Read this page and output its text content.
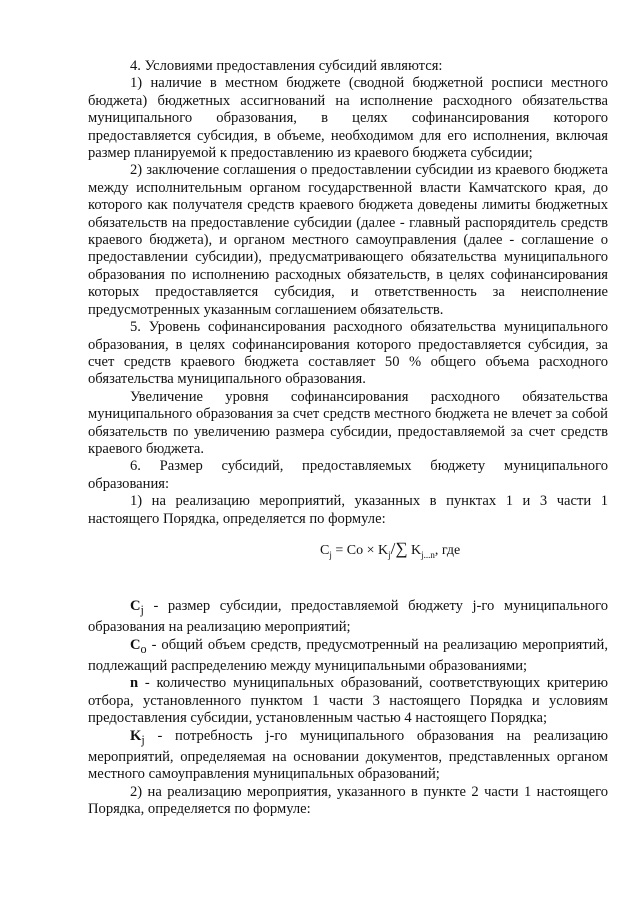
4. Условиями предоставления субсидий являются:

1) наличие в местном бюджете (сводной бюджетной росписи местного бюджета) бюджетных ассигнований на исполнение расходного обязательства муниципального образования, в целях софинансирования которого предоставляется субсидия, в объеме, необходимом для его исполнения, включая размер планируемой к предоставлению из краевого бюджета субсидии;

2) заключение соглашения о предоставлении субсидии из краевого бюджета между исполнительным органом государственной власти Камчатского края, до которого как получателя средств краевого бюджета доведены лимиты бюджетных обязательств на предоставление субсидии (далее - главный распорядитель средств краевого бюджета), и органом местного самоуправления (далее - соглашение о предоставлении субсидии), предусматривающего обязательства муниципального образования по исполнению расходных обязательств, в целях софинансирования которых предоставляется субсидия, и ответственность за неисполнение предусмотренных указанным соглашением обязательств.

5. Уровень софинансирования расходного обязательства муниципального образования, в целях софинансирования которого предоставляется субсидия, за счет средств краевого бюджета составляет 50 % общего объема расходного обязательства муниципального образования.

Увеличение уровня софинансирования расходного обязательства муниципального образования за счет средств местного бюджета не влечет за собой обязательств по увеличению размера субсидии, предоставляемой за счет средств краевого бюджета.

6. Размер субсидий, предоставляемых бюджету муниципального образования:

1) на реализацию мероприятий, указанных в пунктах 1 и 3 части 1 настоящего Порядка, определяется по формуле:

$C_j = Co \times K_j/\sum$ $K_{j...n}$, где

$C_j$ - размер субсидии, предоставляемой бюджету j-го муниципального образования на реализацию мероприятий;

$C_o$ - общий объем средств, предусмотренный на реализацию мероприятий, подлежащий распределению между муниципальными образованиями;

n - количество муниципальных образований, соответствующих критерию отбора, установленного пунктом 1 части 3 настоящего Порядка и условиям предоставления субсидии, установленным частью 4 настоящего Порядка;

$K_j$ - потребность j-го муниципального образования на реализацию мероприятий, определяемая на основании документов, представленных органом местного самоуправления муниципальных образований;

2) на реализацию мероприятия, указанного в пункте 2 части 1 настоящего Порядка, определяется по формуле:
